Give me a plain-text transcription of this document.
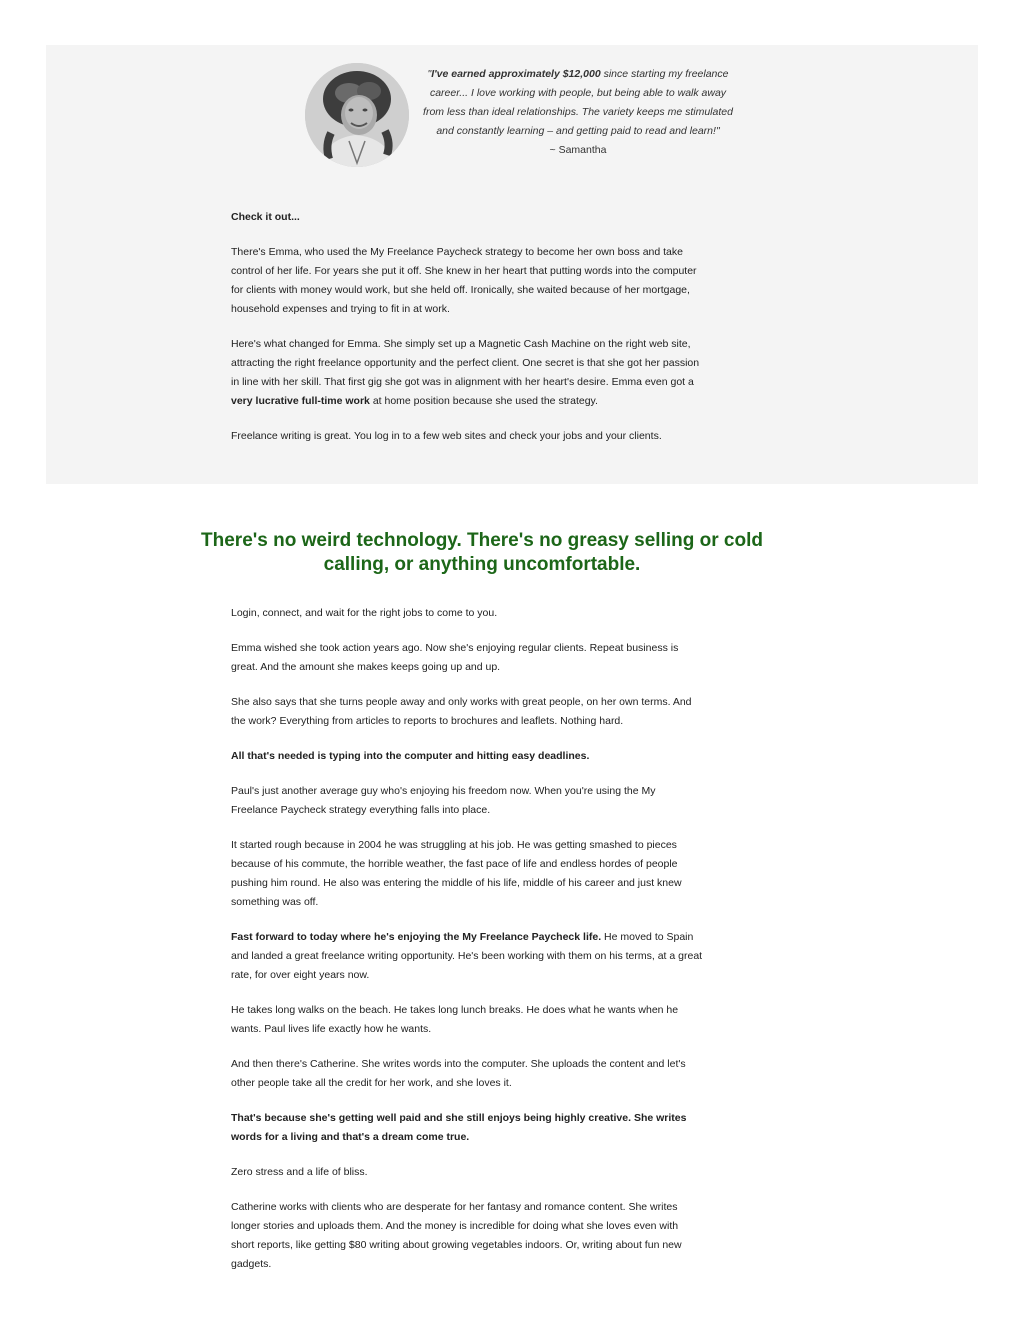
"I've earned approximately $12,000 since starting my freelance career... I love working with people, but being able to walk away from less than ideal relationships. The variety keeps me stimulated and constantly learning – and getting paid to read and learn!"
~ Samantha

Check it out...

There's Emma, who used the My Freelance Paycheck strategy to become her own boss and take control of her life. For years she put it off. She knew in her heart that putting words into the computer for clients with money would work, but she held off. Ironically, she waited because of her mortgage, household expenses and trying to fit in at work.

Here's what changed for Emma. She simply set up a Magnetic Cash Machine on the right web site, attracting the right freelance opportunity and the perfect client. One secret is that she got her passion in line with her skill. That first gig she got was in alignment with her heart's desire. Emma even got a very lucrative full-time work at home position because she used the strategy.

Freelance writing is great. You log in to a few web sites and check your jobs and your clients.

There's no weird technology. There's no greasy selling or cold calling, or anything uncomfortable.

Login, connect, and wait for the right jobs to come to you.

Emma wished she took action years ago. Now she's enjoying regular clients. Repeat business is great. And the amount she makes keeps going up and up.

She also says that she turns people away and only works with great people, on her own terms. And the work? Everything from articles to reports to brochures and leaflets. Nothing hard.

All that's needed is typing into the computer and hitting easy deadlines.

Paul's just another average guy who's enjoying his freedom now. When you're using the My Freelance Paycheck strategy everything falls into place.

It started rough because in 2004 he was struggling at his job. He was getting smashed to pieces because of his commute, the horrible weather, the fast pace of life and endless hordes of people pushing him round. He also was entering the middle of his life, middle of his career and just knew something was off.

Fast forward to today where he's enjoying the My Freelance Paycheck life. He moved to Spain and landed a great freelance writing opportunity. He's been working with them on his terms, at a great rate, for over eight years now.

He takes long walks on the beach. He takes long lunch breaks. He does what he wants when he wants. Paul lives life exactly how he wants.

And then there's Catherine. She writes words into the computer. She uploads the content and let's other people take all the credit for her work, and she loves it.

That's because she's getting well paid and she still enjoys being highly creative. She writes words for a living and that's a dream come true.

Zero stress and a life of bliss.

Catherine works with clients who are desperate for her fantasy and romance content. She writes longer stories and uploads them. And the money is incredible for doing what she loves even with short reports, like getting $80 writing about growing vegetables indoors. Or, writing about fun new gadgets.
